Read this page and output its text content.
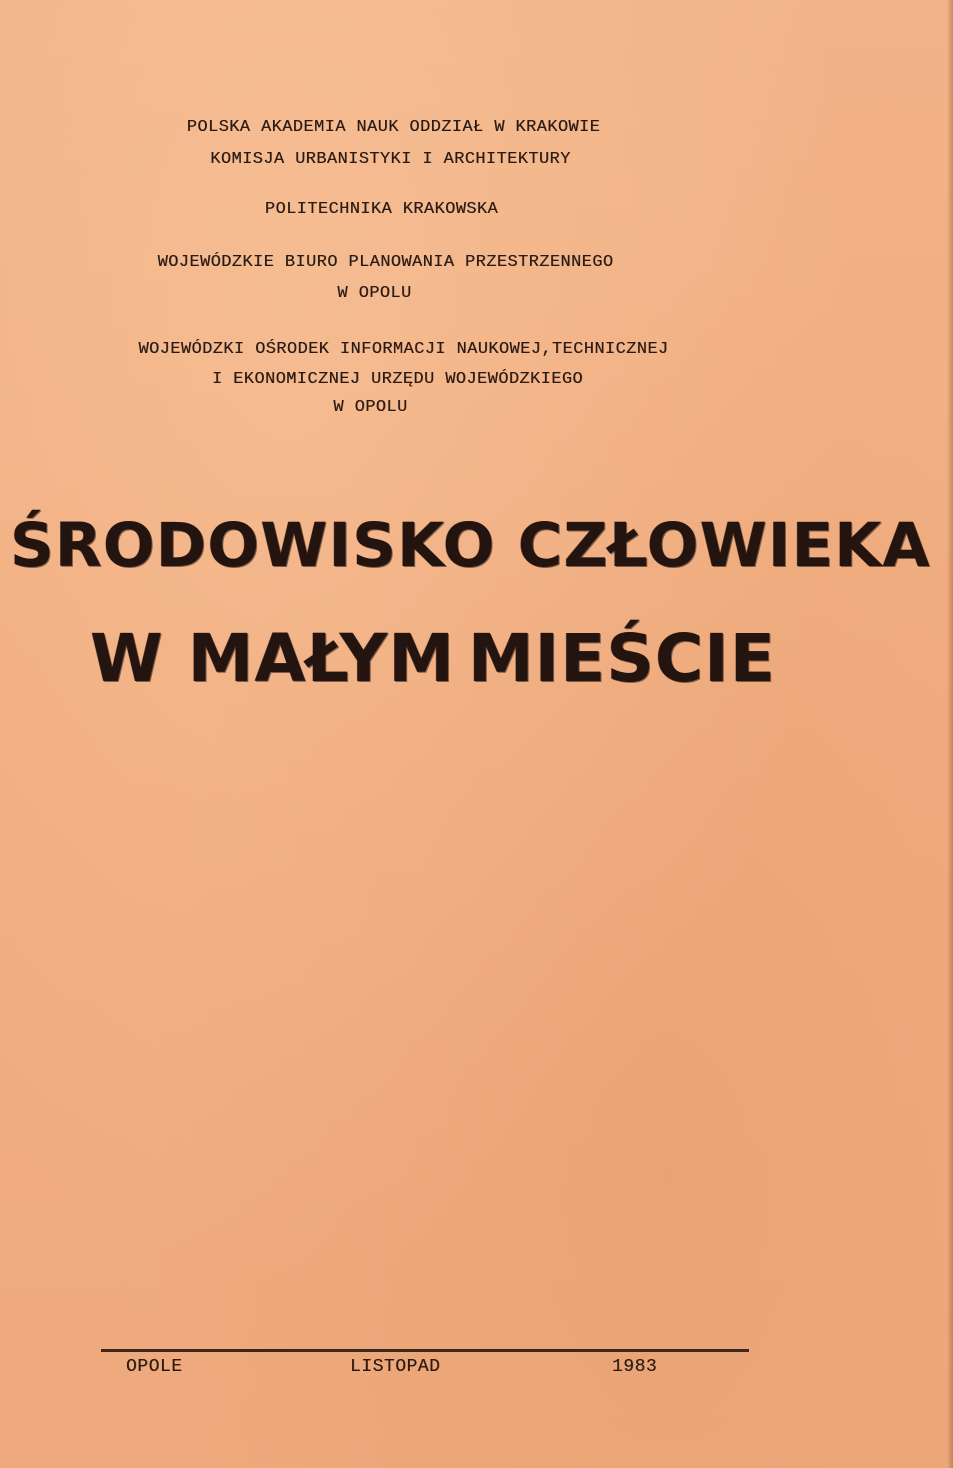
POLSKA AKADEMIA NAUK ODDZIAŁ W KRAKOWIE
KOMISJA URBANISTYKI I ARCHITEKTURY
POLITECHNIKA KRAKOWSKA
WOJEWÓDZKIE BIURO PLANOWANIA PRZESTRZENNEGO
W OPOLU
WOJEWÓDZKI OŚRODEK INFORMACJI NAUKOWEJ,TECHNICZNEJ
I EKONOMICZNEJ URZĘDU WOJEWÓDZKIEGO
W OPOLU
ŚRODOWISKO CZŁOWIEKA
W MAŁYM MIEŚCIE
OPOLE	LISTOPAD	1983
